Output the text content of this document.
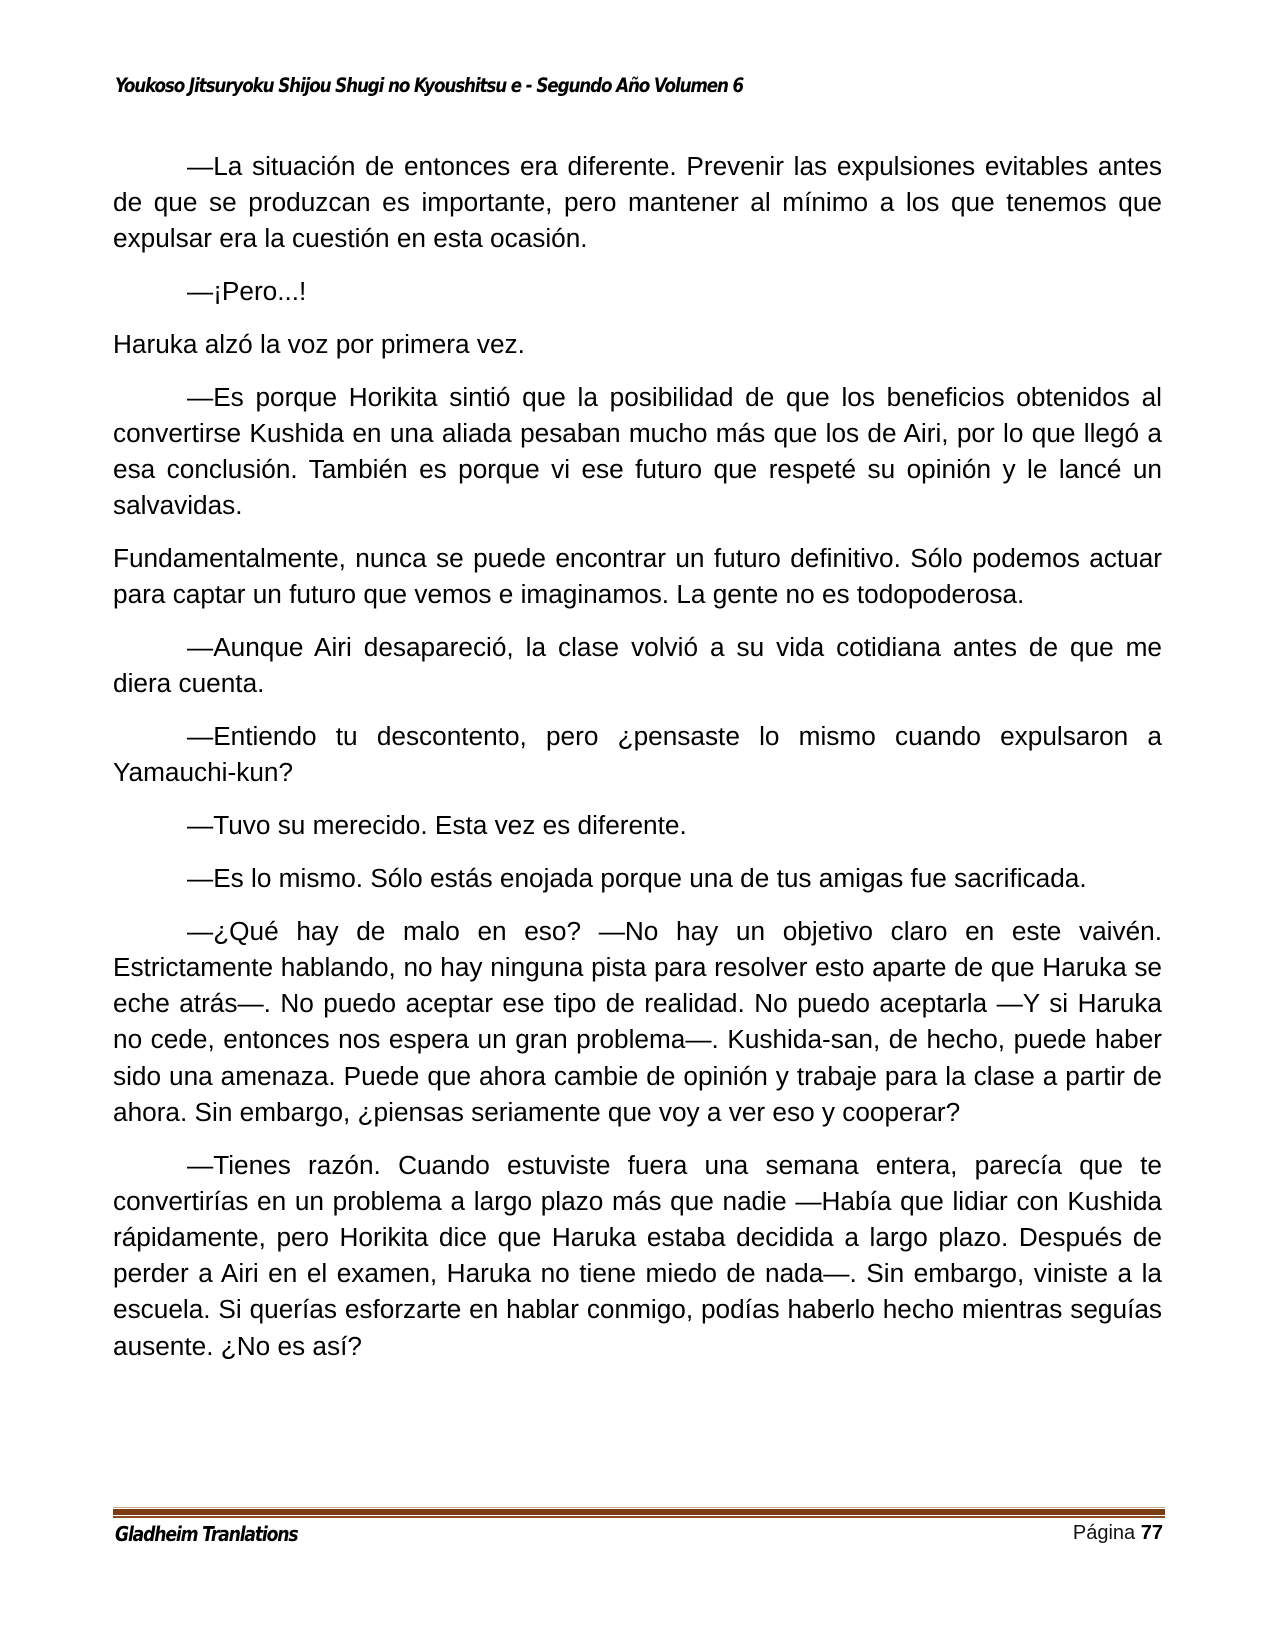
Youkoso Jitsuryoku Shijou Shugi no Kyoushitsu e - Segundo Año Volumen 6

—La situación de entonces era diferente. Prevenir las expulsiones evitables antes de que se produzcan es importante, pero mantener al mínimo a los que tenemos que expulsar era la cuestión en esta ocasión.

—¡Pero...!

Haruka alzó la voz por primera vez.

—Es porque Horikita sintió que la posibilidad de que los beneficios obtenidos al convertirse Kushida en una aliada pesaban mucho más que los de Airi, por lo que llegó a esa conclusión. También es porque vi ese futuro que respeté su opinión y le lancé un salvavidas.

Fundamentalmente, nunca se puede encontrar un futuro definitivo. Sólo podemos actuar para captar un futuro que vemos e imaginamos. La gente no es todopoderosa.

—Aunque Airi desapareció, la clase volvió a su vida cotidiana antes de que me diera cuenta.

—Entiendo tu descontento, pero ¿pensaste lo mismo cuando expulsaron a Yamauchi-kun?

—Tuvo su merecido. Esta vez es diferente.

—Es lo mismo. Sólo estás enojada porque una de tus amigas fue sacrificada.

—¿Qué hay de malo en eso? —No hay un objetivo claro en este vaivén. Estrictamente hablando, no hay ninguna pista para resolver esto aparte de que Haruka se eche atrás—. No puedo aceptar ese tipo de realidad. No puedo aceptarla —Y si Haruka no cede, entonces nos espera un gran problema—. Kushida-san, de hecho, puede haber sido una amenaza. Puede que ahora cambie de opinión y trabaje para la clase a partir de ahora. Sin embargo, ¿piensas seriamente que voy a ver eso y cooperar?

—Tienes razón. Cuando estuviste fuera una semana entera, parecía que te convertirías en un problema a largo plazo más que nadie —Había que lidiar con Kushida rápidamente, pero Horikita dice que Haruka estaba decidida a largo plazo. Después de perder a Airi en el examen, Haruka no tiene miedo de nada—. Sin embargo, viniste a la escuela. Si querías esforzarte en hablar conmigo, podías haberlo hecho mientras seguías ausente. ¿No es así?

Gladheim Tranlations	Página 77
